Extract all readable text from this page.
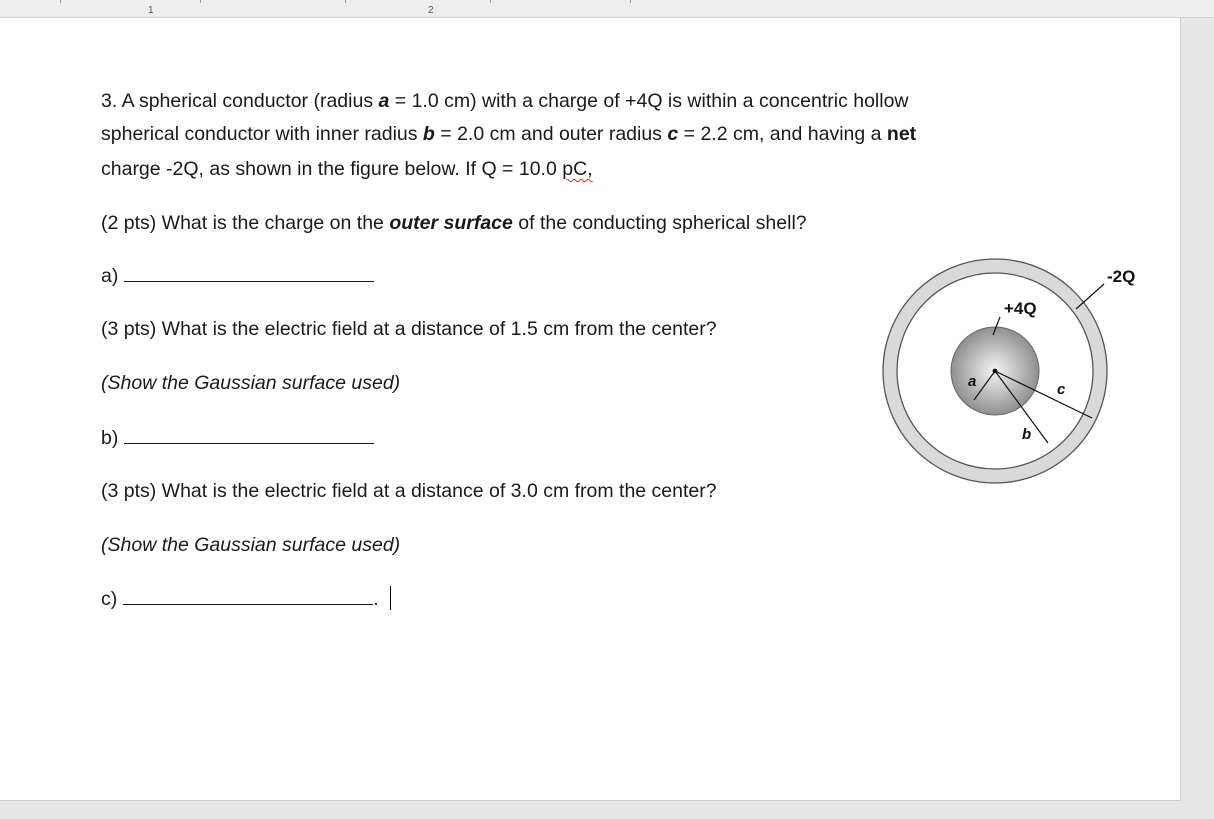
1	2
3. A spherical conductor (radius a = 1.0 cm) with a charge of +4Q is within a concentric hollow
spherical conductor with inner radius b = 2.0 cm and outer radius c = 2.2 cm, and having a net
charge -2Q, as shown in the figure below. If Q = 10.0 pC,
(2 pts) What is the charge on the outer surface of the conducting spherical shell?
a)
(3 pts) What is the electric field at a distance of 1.5 cm from the center?
(Show the Gaussian surface used)
b)
(3 pts) What is the electric field at a distance of 3.0 cm from the center?
(Show the Gaussian surface used)
c)	.
+4Q
-2Q
a
b
c
